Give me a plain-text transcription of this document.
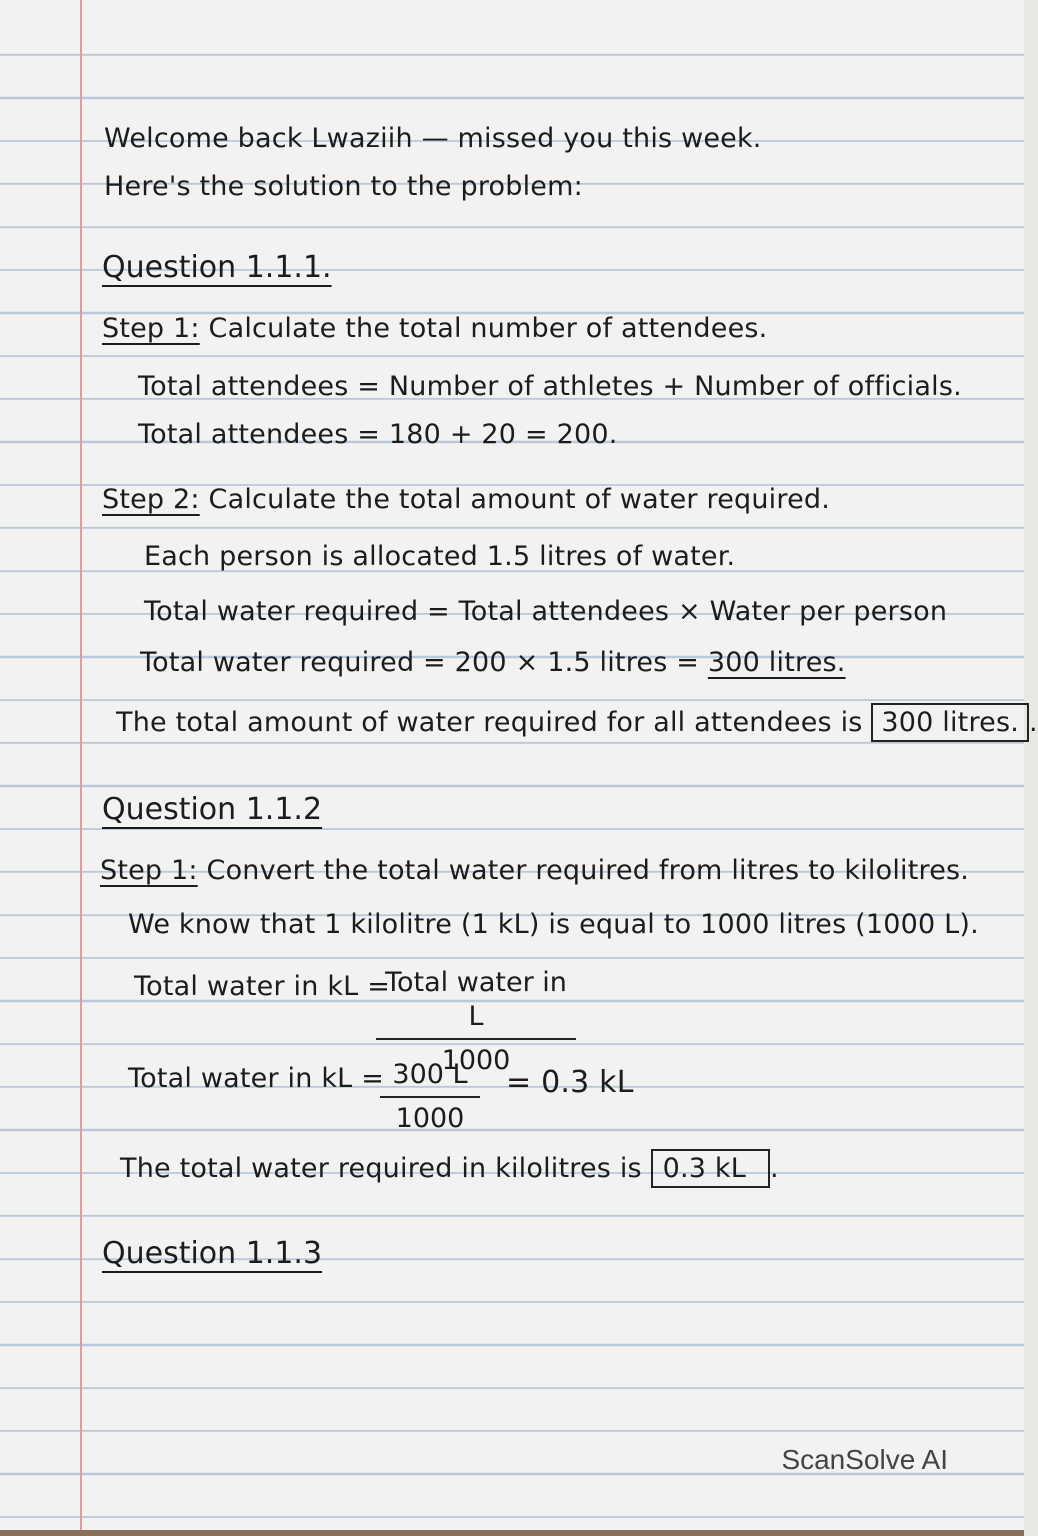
Welcome back Lwaziih — missed you this week.
Here's the solution to the problem:
Question 1.1.1.
Step 1: Calculate the total number of attendees.
Total attendees = Number of athletes + Number of officials.
Total attendees = 180 + 20 = 200.
Step 2: Calculate the total amount of water required.
Each person is allocated 1.5 litres of water.
Total water required = Total attendees × Water per person
Total water required = 200 × 1.5 litres = 300 litres.
The total amount of water required for all attendees is 300 litres. .
Question 1.1.2
Step 1: Convert the total water required from litres to kilolitres.
We know that 1 kilolitre (1 kL) is equal to 1000 litres (1000 L).
Total water in kL =
Total water in L
1000
Total water in kL =
$\frac{300 L}{1000}$
= 0.3 kL
The total water required in kilolitres is 0.3 kL .
Question 1.1.3
ScanSolve AI
